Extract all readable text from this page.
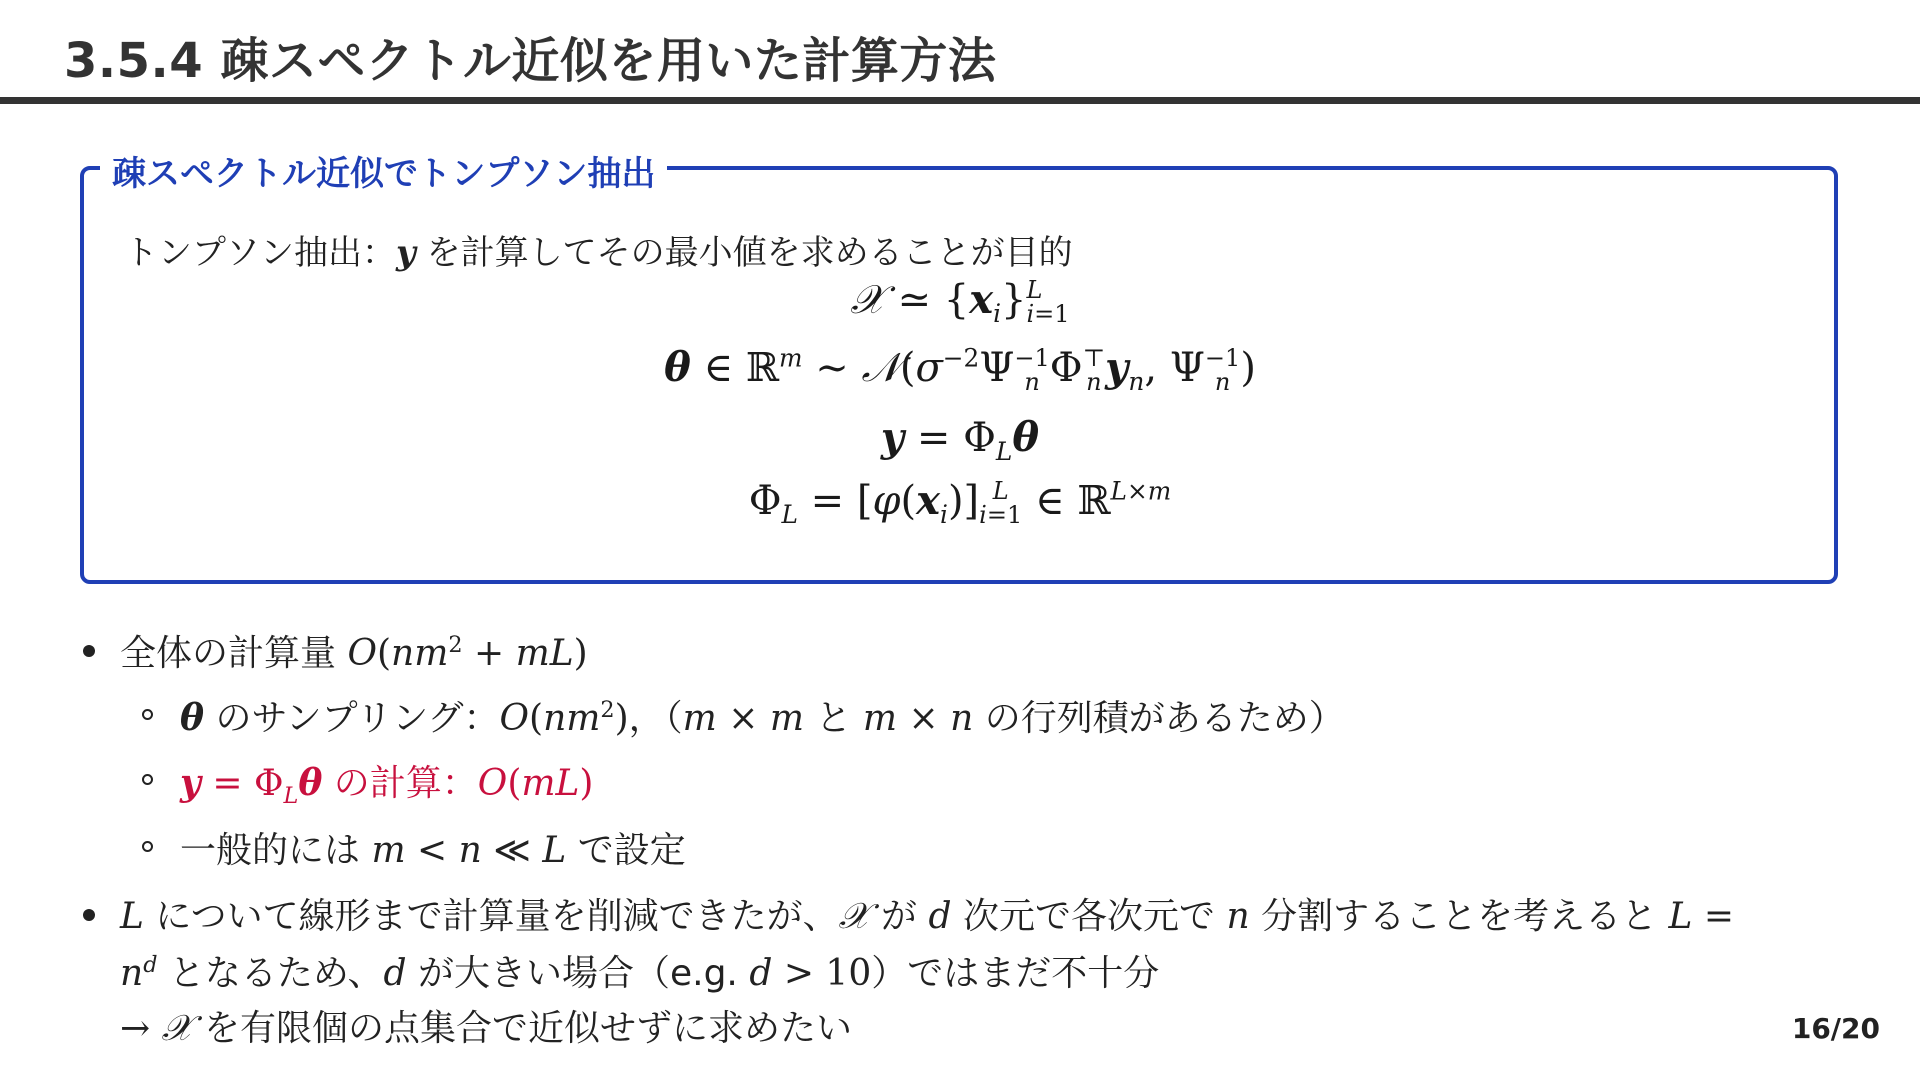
3.5.4 疎スペクトル近似を用いた計算方法
疎スペクトル近似でトンプソン抽出
トンプソン抽出：y を計算してその最小値を求めることが目的
𝒳 ≃ $\{x_i\}$ L
i=1
θ ∈ ℝ$^m$ ∼ $𝒩(\sigma^{-2}\Psi -1$
n Φ ⊤
n $y_n$, Ψ −1
n )
$y = \Phi_L\theta$
$\Phi_L = [\varphi(x_i)]$ L
i=1 ∈ ℝ$^{L\times m}$
全体の計算量 $O(nm^2 + mL)$
θ のサンプリング：$O(nm^2)$，（m × m と m × n の行列積があるため）
$y = \Phi_L\theta$ の計算：O(mL)
一般的には m < n ≪ L で設定
L について線形まで計算量を削減できたが、𝒳 が d 次元で各次元で n 分割することを考えると L =
$n^d$ となるため、d が大きい場合（e.g. d > 10）ではまだ不十分
→ 𝒳 を有限個の点集合で近似せずに求めたい	16/20
